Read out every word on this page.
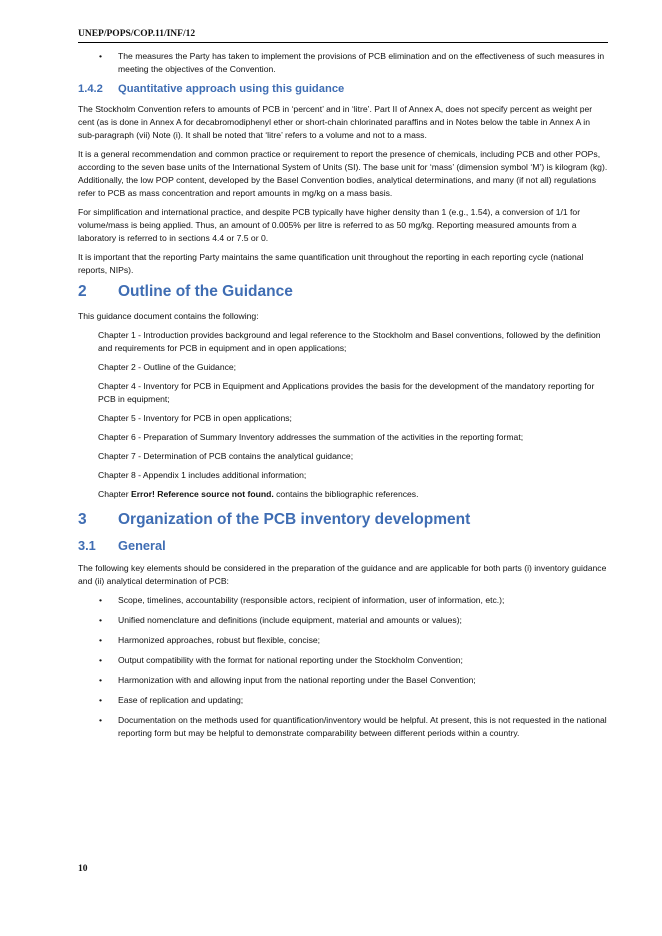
UNEP/POPS/COP.11/INF/12
• The measures the Party has taken to implement the provisions of PCB elimination and on the effectiveness of such measures in meeting the objectives of the Convention.
1.4.2	Quantitative approach using this guidance

The Stockholm Convention refers to amounts of PCB in ‘percent’ and in ‘litre’. Part II of Annex A, does not specify percent as weight per cent (as is done in Annex A for decabromodiphenyl ether or short-chain chlorinated paraffins and in Notes below the table in Annex A in sub-paragraph (vii) Note (i). It shall be noted that ‘litre’ refers to a volume and not to a mass.

It is a general recommendation and common practice or requirement to report the presence of chemicals, including PCB and other POPs, according to the seven base units of the International System of Units (SI). The base unit for ‘mass’ (dimension symbol ‘M’) is kilogram (kg). Additionally, the low POP content, developed by the Basel Convention bodies, analytical determinations, and many (if not all) regulations refer to PCB as mass concentration and report amounts in mg/kg on a mass basis.

For simplification and international practice, and despite PCB typically have higher density than 1 (e.g., 1.54), a conversion of 1/1 for volume/mass is being applied. Thus, an amount of 0.005% per litre is referred to as 50 mg/kg. Reporting measured amounts from a laboratory is referred to in sections 4.4 or 7.5 or 0.

It is important that the reporting Party maintains the same quantification unit throughout the reporting in each reporting cycle (national reports, NIPs).

2	Outline of the Guidance

This guidance document contains the following:

Chapter 1 - Introduction provides background and legal reference to the Stockholm and Basel conventions, followed by the definition and requirements for PCB in equipment and in open applications;

Chapter 2 - Outline of the Guidance;

Chapter 4 - Inventory for PCB in Equipment and Applications provides the basis for the development of the mandatory reporting for PCB in equipment;

Chapter 5 - Inventory for PCB in open applications;

Chapter 6 - Preparation of Summary Inventory addresses the summation of the activities in the reporting format;

Chapter 7 - Determination of PCB contains the analytical guidance;

Chapter 8 - Appendix 1 includes additional information;

Chapter Error! Reference source not found. contains the bibliographic references.

3	Organization of the PCB inventory development
3.1	General

The following key elements should be considered in the preparation of the guidance and are applicable for both parts (i) inventory guidance and (ii) analytical determination of PCB:

• Scope, timelines, accountability (responsible actors, recipient of information, user of information, etc.);
• Unified nomenclature and definitions (include equipment, material and amounts or values);
• Harmonized approaches, robust but flexible, concise;
• Output compatibility with the format for national reporting under the Stockholm Convention;
• Harmonization with and allowing input from the national reporting under the Basel Convention;
• Ease of replication and updating;
• Documentation on the methods used for quantification/inventory would be helpful. At present, this is not requested in the national reporting form but may be helpful to demonstrate comparability between different periods within a country.
10
